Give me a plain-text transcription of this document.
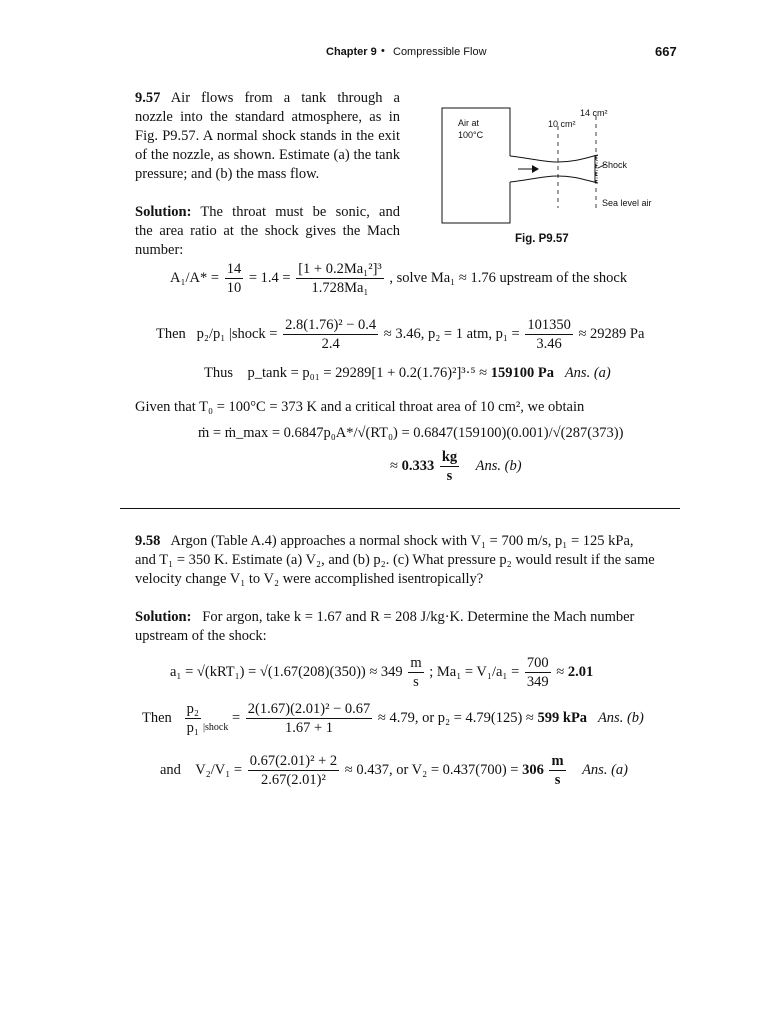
Chapter 9 • Compressible Flow	667
9.57 Air flows from a tank through a
nozzle into the standard atmosphere, as in
Fig. P9.57. A normal shock stands in the exit
of the nozzle, as shown. Estimate (a) the tank
pressure; and (b) the mass flow.
Solution: The throat must be sonic, and
the area ratio at the shock gives the Mach
number:
Air at
100°C
10 cm²
14 cm²
Shock
Sea level air
Fig. P9.57
$A_1/A* = \frac{14}{10} = 1.4 = \frac{\text{[1 + 0.2Ma₁²]³}}{\text{1.728Ma₁}}$ , solve Ma₁ ≈ 1.76 upstream of the shock
Then p₂/p₁ |shock = $\frac{\text{2.8(1.76)² − 0.4}}{2.4} \approx 3.46$, p₂ = 1 atm, $p_1 = \frac{101350}{3.46} \approx 29289$ Pa
Thus p_tank = p₀₁ = 29289[1 + 0.2(1.76)²]³·⁵ ≈ 159100 Pa Ans. (a)
Given that T₀ = 100°C = 373 K and a critical throat area of 10 cm², we obtain
ṁ = ṁ_max = 0.6847p₀A*/√(RT₀) = 0.6847(159100)(0.001)/√(287(373))
≈ $0.333 \frac{kg}{s}$ Ans. (b)
9.58 Argon (Table A.4) approaches a normal shock with V₁ = 700 m/s, p₁ = 125 kPa,
and T₁ = 350 K. Estimate (a) V₂, and (b) p₂. (c) What pressure p₂ would result if the same
velocity change V₁ to V₂ were accomplished isentropically?
Solution: For argon, take k = 1.67 and R = 208 J/kg·K. Determine the Mach number
upstream of the shock:
$a_1 = √(kRT_1) = √(1.67(208)(350)) \approx 349 \frac{m}{s}$ ; $Ma_1 = V_1/a_1 = \frac{700}{349} \approx 2.01$
Then $\frac{\text{p₂}}{\text{p₁}} _{|shock} = \frac{\text{2(1.67)(2.01)² − 0.67}}{1.67 + 1} \approx 4.79$, or p₂ = 4.79(125) ≈ 599 kPa Ans. (b)
and $V_2/V_1 = \frac{\text{0.67(2.01)² + 2}}{\text{2.67(2.01)²}} \approx 0.437$, or $V_2 = 0.437(700) = 306 \frac{m}{s}$ Ans. (a)
